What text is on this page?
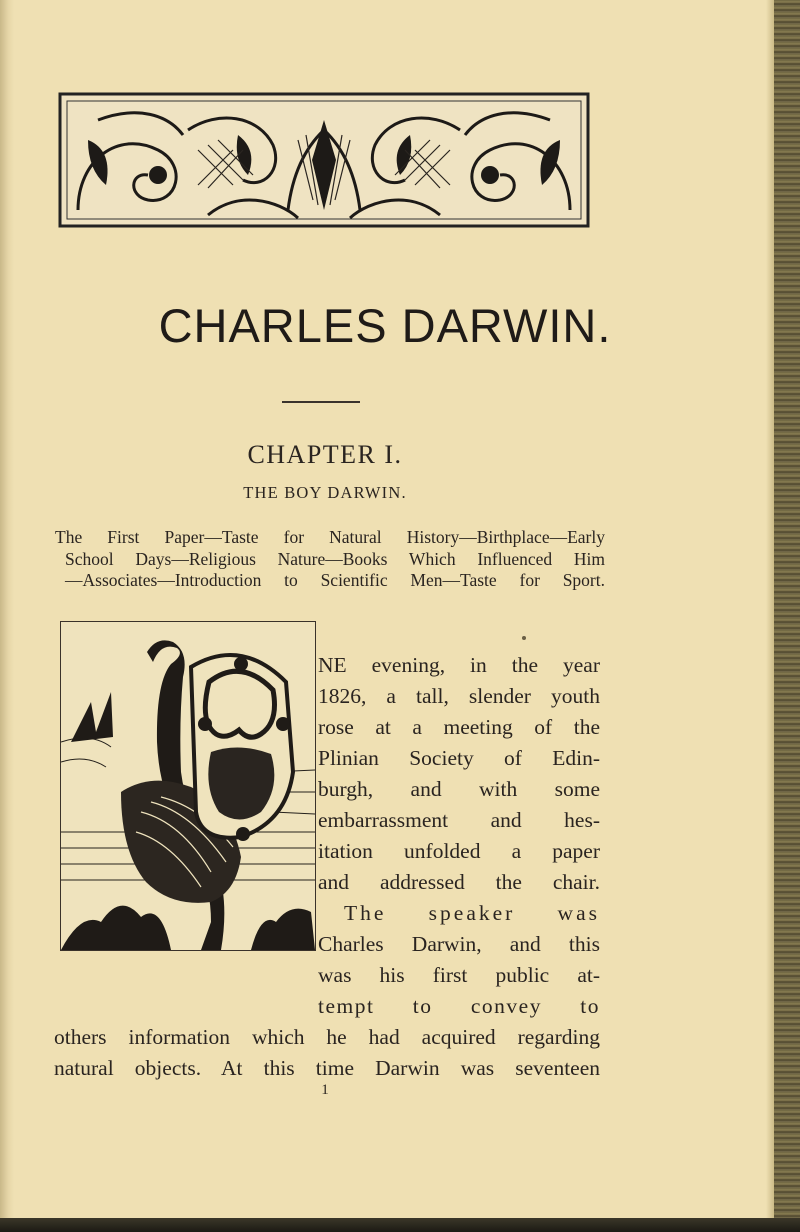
CHARLES DARWIN.
CHAPTER I.
THE BOY DARWIN.
The First Paper—Taste for Natural History—Birthplace—Early
School Days—Religious Nature—Books Which Influenced Him
—Associates—Introduction to Scientific Men—Taste for Sport.
NE evening, in the year
1826, a tall, slender youth
rose at a meeting of the
Plinian Society of Edin-
burgh, and with some
embarrassment and hes-
itation unfolded a paper
and addressed the chair.
The speaker was
Charles Darwin, and this
was his first public at-
tempt to convey to
others information which he had acquired regarding
natural objects. At this time Darwin was seventeen
1
